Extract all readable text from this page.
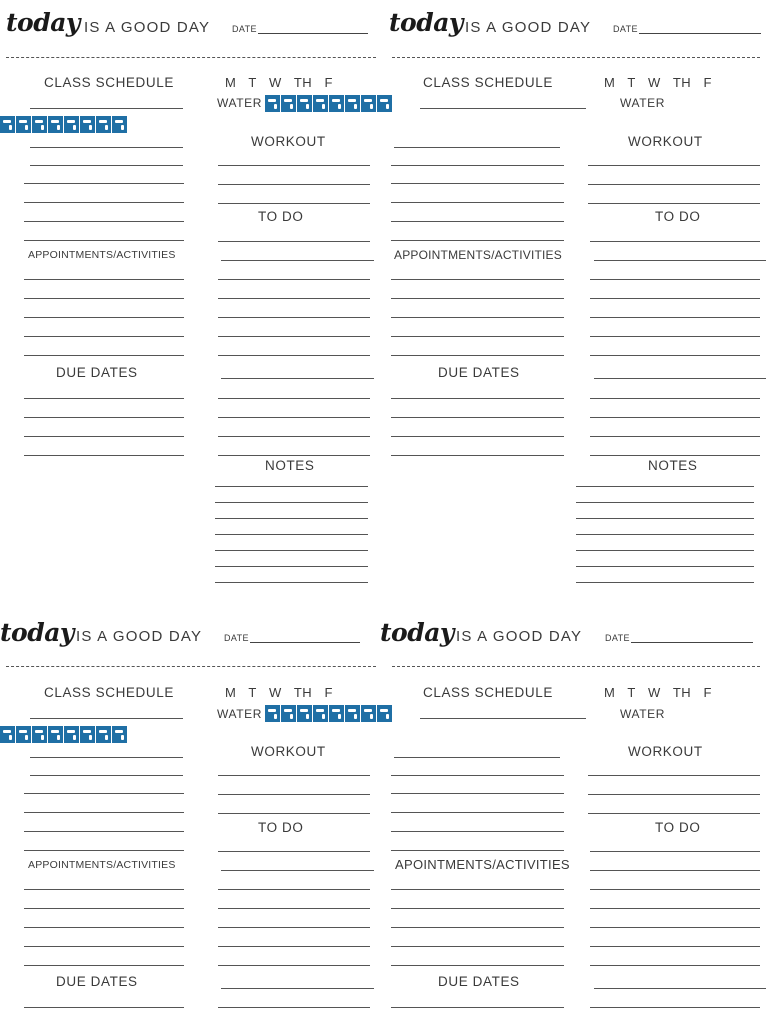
today IS A GOOD DAY DATE
CLASS SCHEDULE	M   T   W   TH   F
WATER
APPOINTMENTS/ACTIVITIES
DUE DATES
WORKOUT
TO DO
NOTES
today IS A GOOD DAY DATE
CLASS SCHEDULE	M   T   W   TH   F
WATER
APPOINTMENTS/ACTIVITIES
DUE DATES
WORKOUT
TO DO
NOTES
today IS A GOOD DAY DATE
CLASS SCHEDULE	M   T   W   TH   F
WATER
APPOINTMENTS/ACTIVITIES
WORKOUT
TO DO
DUE DATES
today IS A GOOD DAY	DATE
CLASS SCHEDULE	M   T   W   TH   F
WATER
APOINTMENTS/ACTIVITIES
DUE DATES
WORKOUT
TO DO
